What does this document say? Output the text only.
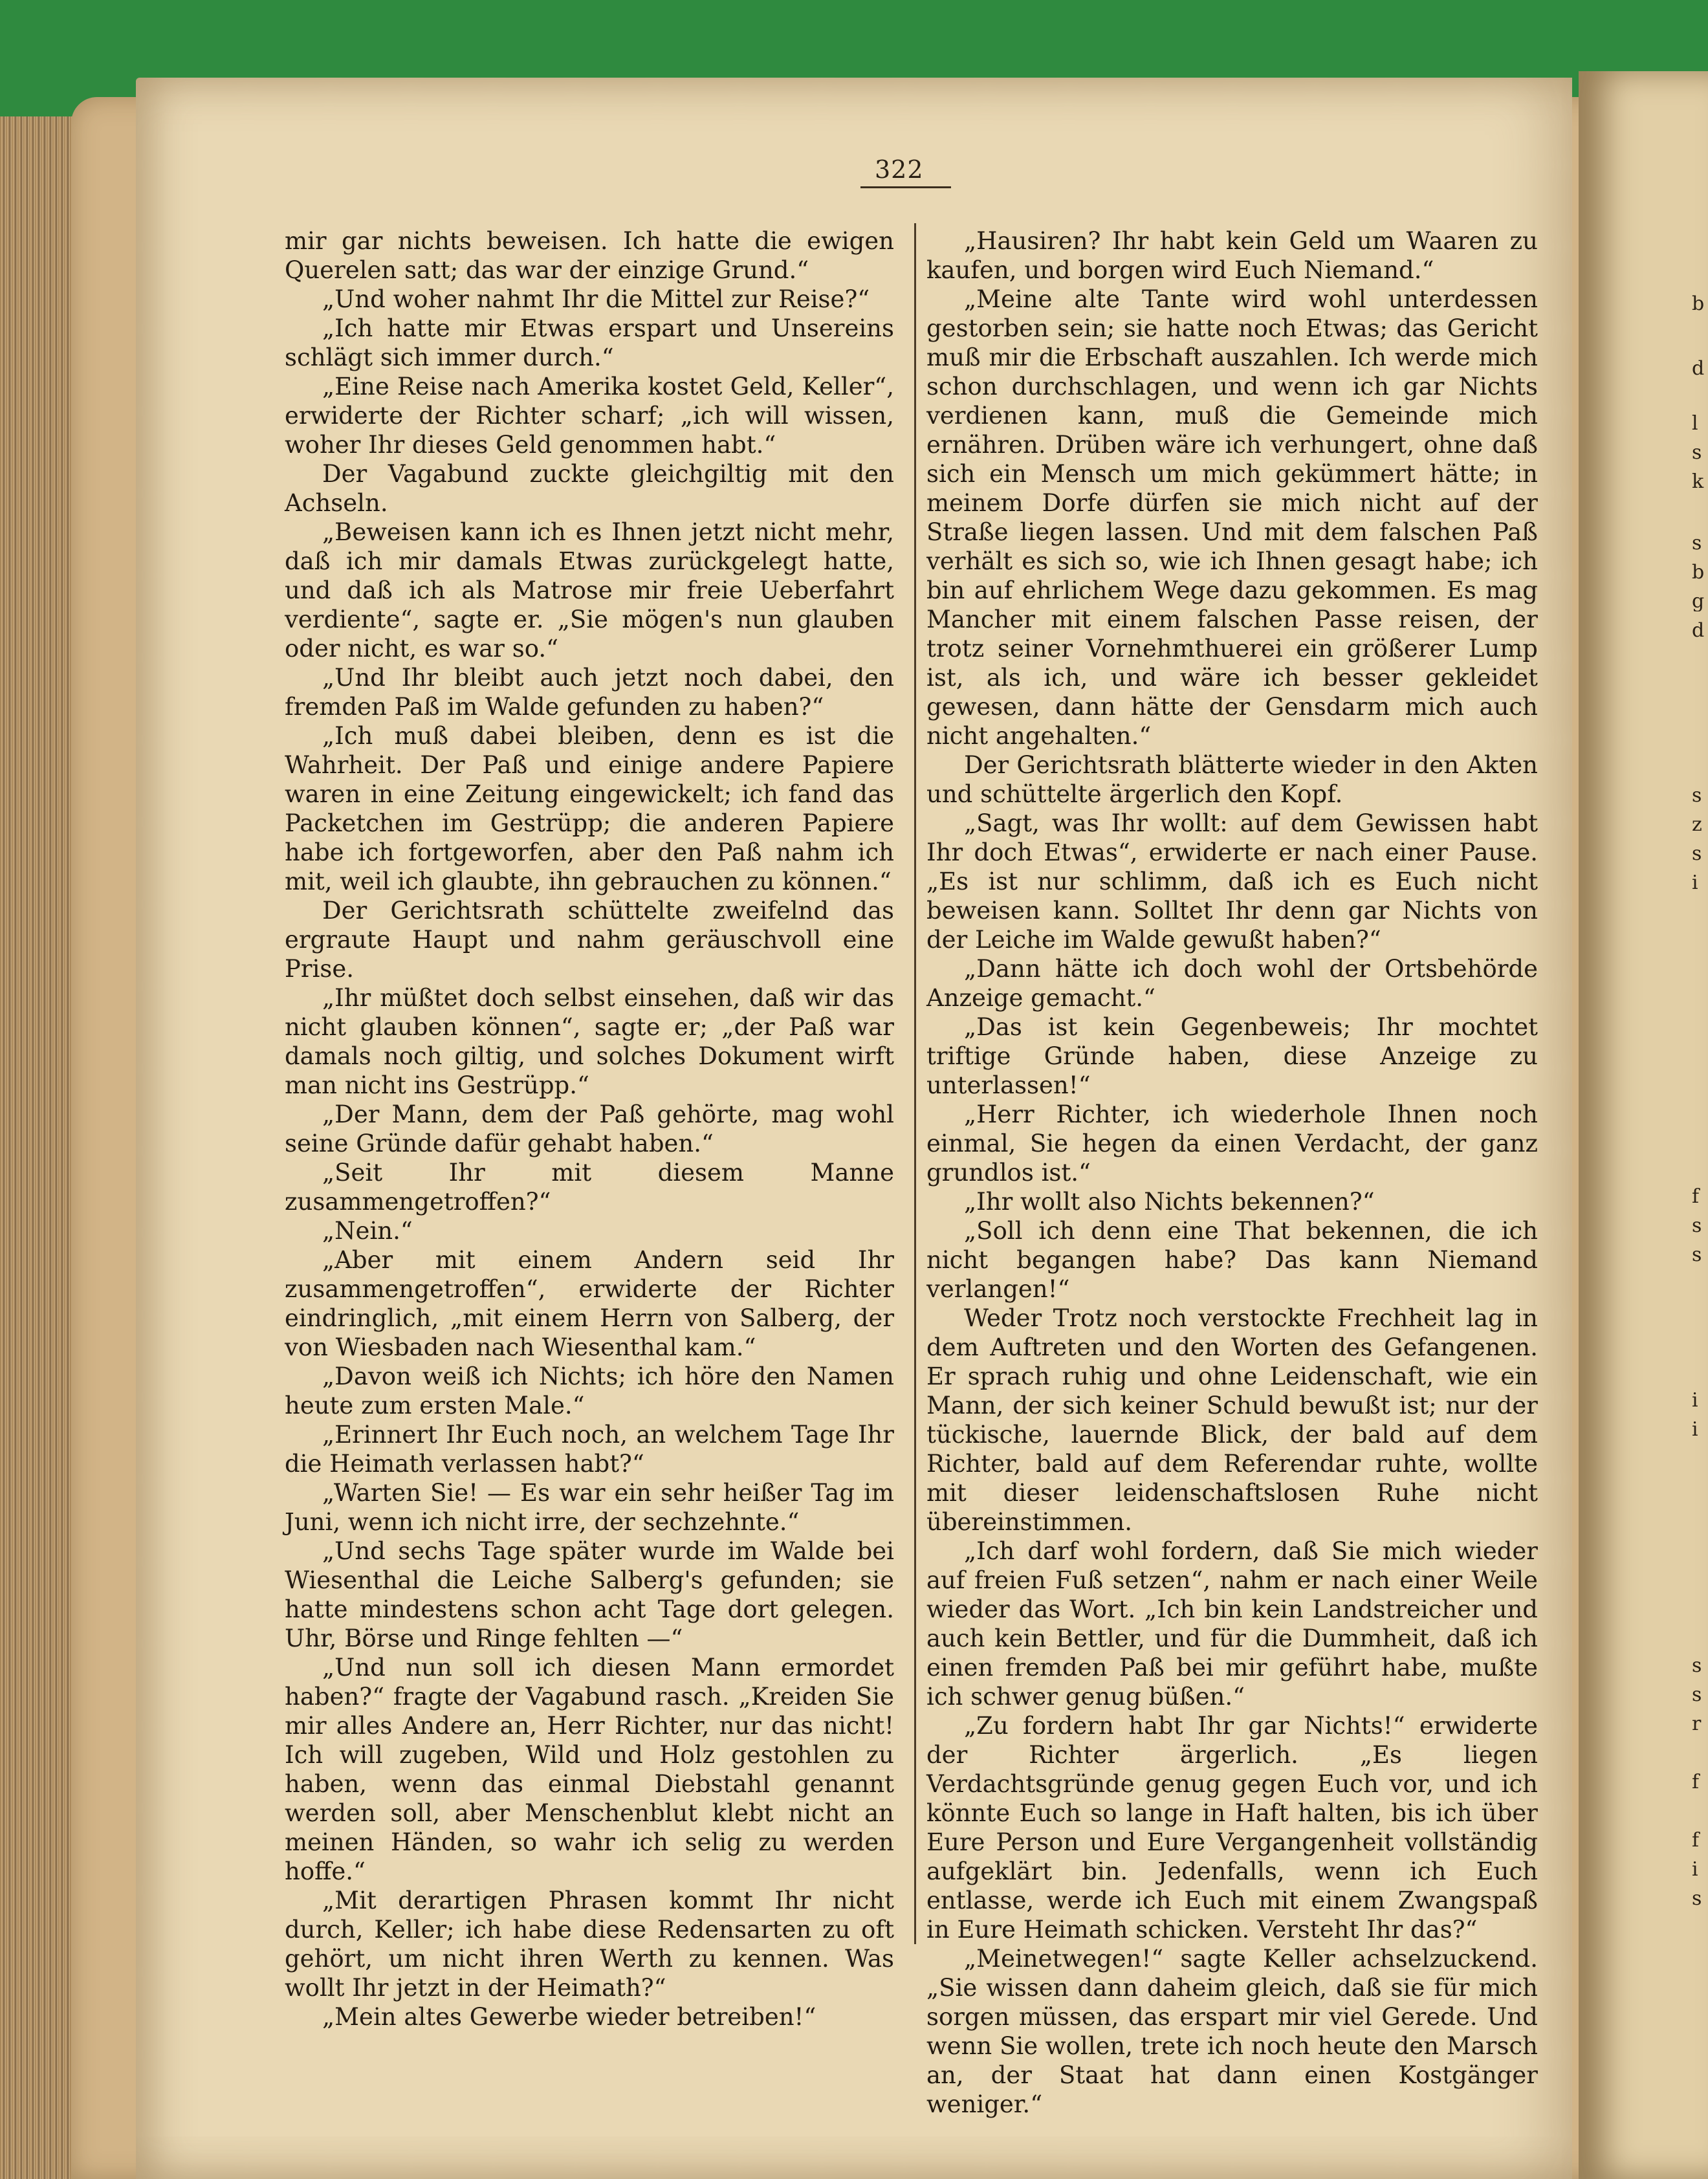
b
d
l
s
k
s
b
g
d
s
z
s
i
f
s
s
i
i
s
s
r
f
f
i
s
322

mir gar nichts beweisen. Ich hatte die ewigen Querelen satt; das war der einzige Grund.“

„Und woher nahmt Ihr die Mittel zur Reise?“

„Ich hatte mir Etwas erspart und Unsereins schlägt sich immer durch.“

„Eine Reise nach Amerika kostet Geld, Keller“, erwiderte der Richter scharf; „ich will wissen, woher Ihr dieses Geld genommen habt.“

Der Vagabund zuckte gleichgiltig mit den Achseln.

„Beweisen kann ich es Ihnen jetzt nicht mehr, daß ich mir damals Etwas zurückgelegt hatte, und daß ich als Matrose mir freie Ueberfahrt verdiente“, sagte er. „Sie mögen's nun glauben oder nicht, es war so.“

„Und Ihr bleibt auch jetzt noch dabei, den fremden Paß im Walde gefunden zu haben?“

„Ich muß dabei bleiben, denn es ist die Wahrheit. Der Paß und einige andere Papiere waren in eine Zeitung eingewickelt; ich fand das Packetchen im Gestrüpp; die anderen Papiere habe ich fortgeworfen, aber den Paß nahm ich mit, weil ich glaubte, ihn gebrauchen zu können.“

Der Gerichtsrath schüttelte zweifelnd das ergraute Haupt und nahm geräuschvoll eine Prise.

„Ihr müßtet doch selbst einsehen, daß wir das nicht glauben können“, sagte er; „der Paß war damals noch giltig, und solches Dokument wirft man nicht ins Gestrüpp.“

„Der Mann, dem der Paß gehörte, mag wohl seine Gründe dafür gehabt haben.“

„Seit Ihr mit diesem Manne zusammengetroffen?“

„Nein.“

„Aber mit einem Andern seid Ihr zusammengetroffen“, erwiderte der Richter eindringlich, „mit einem Herrn von Salberg, der von Wiesbaden nach Wiesenthal kam.“

„Davon weiß ich Nichts; ich höre den Namen heute zum ersten Male.“

„Erinnert Ihr Euch noch, an welchem Tage Ihr die Heimath verlassen habt?“

„Warten Sie! — Es war ein sehr heißer Tag im Juni, wenn ich nicht irre, der sechzehnte.“

„Und sechs Tage später wurde im Walde bei Wiesenthal die Leiche Salberg's gefunden; sie hatte mindestens schon acht Tage dort gelegen. Uhr, Börse und Ringe fehlten —“

„Und nun soll ich diesen Mann ermordet haben?“ fragte der Vagabund rasch. „Kreiden Sie mir alles Andere an, Herr Richter, nur das nicht! Ich will zugeben, Wild und Holz gestohlen zu haben, wenn das einmal Diebstahl genannt werden soll, aber Menschenblut klebt nicht an meinen Händen, so wahr ich selig zu werden hoffe.“

„Mit derartigen Phrasen kommt Ihr nicht durch, Keller; ich habe diese Redensarten zu oft gehört, um nicht ihren Werth zu kennen. Was wollt Ihr jetzt in der Heimath?“

„Mein altes Gewerbe wieder betreiben!“

„Hausiren? Ihr habt kein Geld um Waaren zu kaufen, und borgen wird Euch Niemand.“

„Meine alte Tante wird wohl unterdessen gestorben sein; sie hatte noch Etwas; das Gericht muß mir die Erbschaft auszahlen. Ich werde mich schon durchschlagen, und wenn ich gar Nichts verdienen kann, muß die Gemeinde mich ernähren. Drüben wäre ich verhungert, ohne daß sich ein Mensch um mich gekümmert hätte; in meinem Dorfe dürfen sie mich nicht auf der Straße liegen lassen. Und mit dem falschen Paß verhält es sich so, wie ich Ihnen gesagt habe; ich bin auf ehrlichem Wege dazu gekommen. Es mag Mancher mit einem falschen Passe reisen, der trotz seiner Vornehmthuerei ein größerer Lump ist, als ich, und wäre ich besser gekleidet gewesen, dann hätte der Gensdarm mich auch nicht angehalten.“

Der Gerichtsrath blätterte wieder in den Akten und schüttelte ärgerlich den Kopf.

„Sagt, was Ihr wollt: auf dem Gewissen habt Ihr doch Etwas“, erwiderte er nach einer Pause. „Es ist nur schlimm, daß ich es Euch nicht beweisen kann. Solltet Ihr denn gar Nichts von der Leiche im Walde gewußt haben?“

„Dann hätte ich doch wohl der Ortsbehörde Anzeige gemacht.“

„Das ist kein Gegenbeweis; Ihr mochtet triftige Gründe haben, diese Anzeige zu unterlassen!“

„Herr Richter, ich wiederhole Ihnen noch einmal, Sie hegen da einen Verdacht, der ganz grundlos ist.“

„Ihr wollt also Nichts bekennen?“

„Soll ich denn eine That bekennen, die ich nicht begangen habe? Das kann Niemand verlangen!“

Weder Trotz noch verstockte Frechheit lag in dem Auftreten und den Worten des Gefangenen. Er sprach ruhig und ohne Leidenschaft, wie ein Mann, der sich keiner Schuld bewußt ist; nur der tückische, lauernde Blick, der bald auf dem Richter, bald auf dem Referendar ruhte, wollte mit dieser leidenschaftslosen Ruhe nicht übereinstimmen.

„Ich darf wohl fordern, daß Sie mich wieder auf freien Fuß setzen“, nahm er nach einer Weile wieder das Wort. „Ich bin kein Landstreicher und auch kein Bettler, und für die Dummheit, daß ich einen fremden Paß bei mir geführt habe, mußte ich schwer genug büßen.“

„Zu fordern habt Ihr gar Nichts!“ erwiderte der Richter ärgerlich. „Es liegen Verdachtsgründe genug gegen Euch vor, und ich könnte Euch so lange in Haft halten, bis ich über Eure Person und Eure Vergangenheit vollständig aufgeklärt bin. Jedenfalls, wenn ich Euch entlasse, werde ich Euch mit einem Zwangspaß in Eure Heimath schicken. Versteht Ihr das?“

„Meinetwegen!“ sagte Keller achselzuckend. „Sie wissen dann daheim gleich, daß sie für mich sorgen müssen, das erspart mir viel Gerede. Und wenn Sie wollen, trete ich noch heute den Marsch an, der Staat hat dann einen Kostgänger weniger.“
